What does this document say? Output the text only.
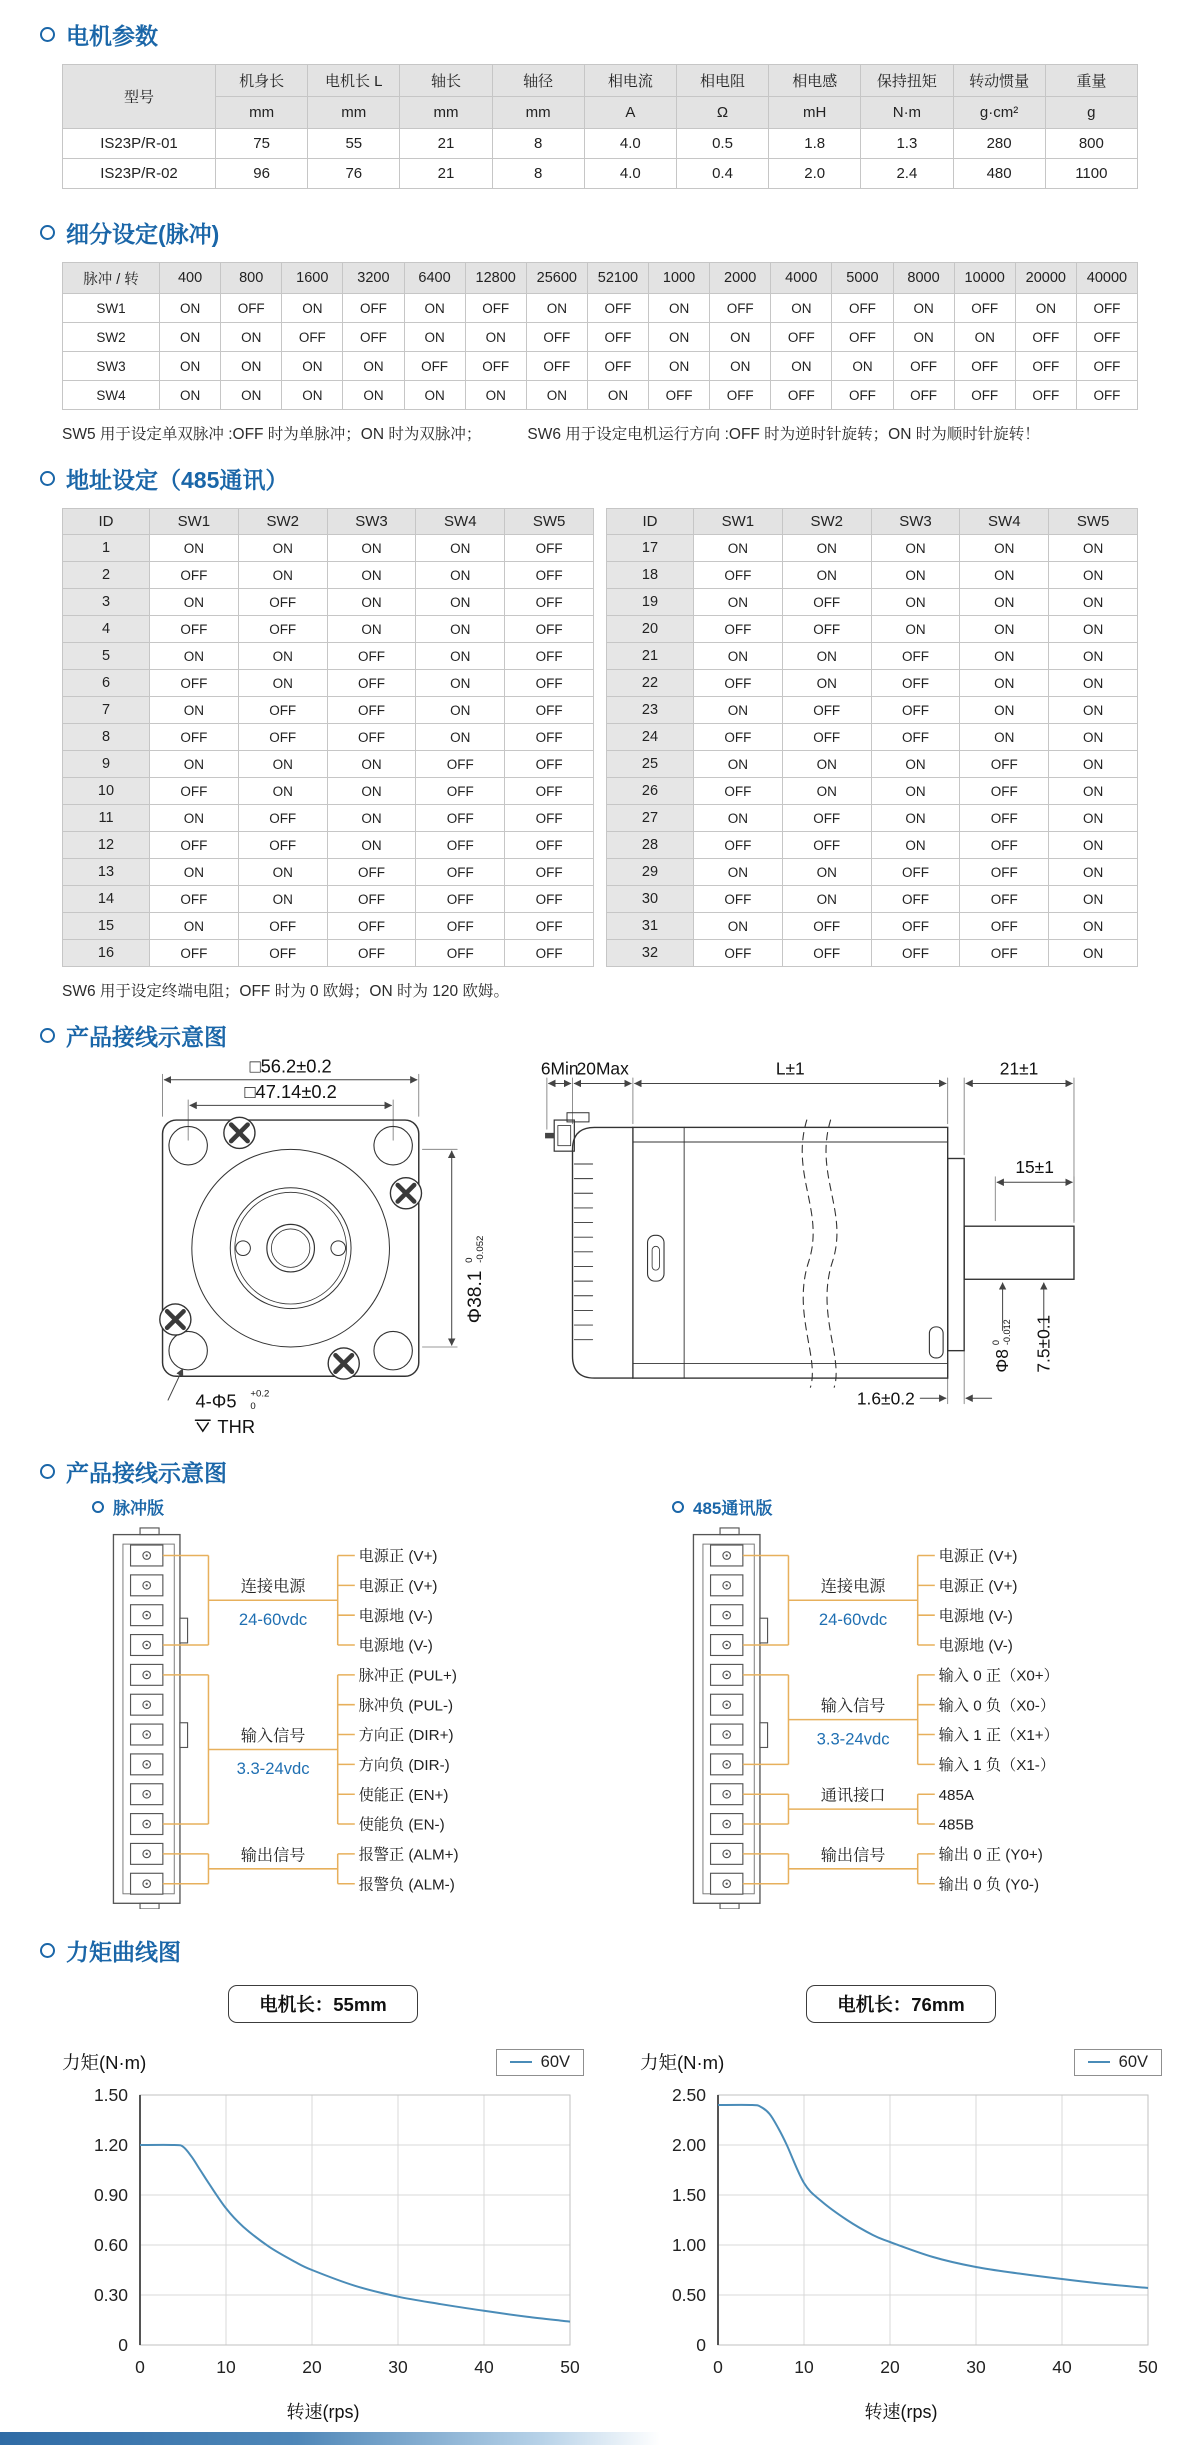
电机参数
型号	机身长	电机长 L	轴长	轴径	相电流	相电阻	相电感	保持扭矩	转动惯量	重量
	mm	mm	mm	mm	A	Ω	mH	N·m	g·cm²	g
IS23P/R-01	75	55	21	8	4.0	0.5	1.8	1.3	280	800
IS23P/R-02	96	76	21	8	4.0	0.4	2.0	2.4	480	1100
细分设定(脉冲)
脉冲 / 转	400	800	1600	3200	6400	12800	25600	52100	1000	2000	4000	5000	8000	10000	20000	40000
SW1	ON	OFF	ON	OFF	ON	OFF	ON	OFF	ON	OFF	ON	OFF	ON	OFF	ON	OFF
SW2	ON	ON	OFF	OFF	ON	ON	OFF	OFF	ON	ON	OFF	OFF	ON	ON	OFF	OFF
SW3	ON	ON	ON	ON	OFF	OFF	OFF	OFF	ON	ON	ON	ON	OFF	OFF	OFF	OFF
SW4	ON	ON	ON	ON	ON	ON	ON	ON	OFF	OFF	OFF	OFF	OFF	OFF	OFF	OFF
SW5 用于设定单双脉冲 :OFF 时为单脉冲；ON 时为双脉冲；	SW6 用于设定电机运行方向 :OFF 时为逆时针旋转；ON 时为顺时针旋转！
地址设定（485通讯）
ID	SW1	SW2	SW3	SW4	SW5
1	ON	ON	ON	ON	OFF
2	OFF	ON	ON	ON	OFF
3	ON	OFF	ON	ON	OFF
4	OFF	OFF	ON	ON	OFF
5	ON	ON	OFF	ON	OFF
6	OFF	ON	OFF	ON	OFF
7	ON	OFF	OFF	ON	OFF
8	OFF	OFF	OFF	ON	OFF
9	ON	ON	ON	OFF	OFF
10	OFF	ON	ON	OFF	OFF
11	ON	OFF	ON	OFF	OFF
12	OFF	OFF	ON	OFF	OFF
13	ON	ON	OFF	OFF	OFF
14	OFF	ON	OFF	OFF	OFF
15	ON	OFF	OFF	OFF	OFF
16	OFF	OFF	OFF	OFF	OFF
ID	SW1	SW2	SW3	SW4	SW5
17	ON	ON	ON	ON	ON
18	OFF	ON	ON	ON	ON
19	ON	OFF	ON	ON	ON
20	OFF	OFF	ON	ON	ON
21	ON	ON	OFF	ON	ON
22	OFF	ON	OFF	ON	ON
23	ON	OFF	OFF	ON	ON
24	OFF	OFF	OFF	ON	ON
25	ON	ON	ON	OFF	ON
26	OFF	ON	ON	OFF	ON
27	ON	OFF	ON	OFF	ON
28	OFF	OFF	ON	OFF	ON
29	ON	ON	OFF	OFF	ON
30	OFF	ON	OFF	OFF	ON
31	ON	OFF	OFF	OFF	ON
32	OFF	OFF	OFF	OFF	ON
SW6 用于设定终端电阻；OFF 时为 0 欧姆；ON 时为 120 欧姆。
产品接线示意图
□56.2±0.2
□47.14±0.2
Φ38.1
0 -0.052
4-Φ5 +0.2
0
THR
6Min
20Max	L±1	21±1
15±1
1.6±0.2
Φ8
0 -0.012 7.5±0.1
产品接线示意图
脉冲版
连接电源
24-60vdc
电源正 (V+)
电源正 (V+)
电源地 (V-)
电源地 (V-)
输入信号
3.3-24vdc
脉冲正 (PUL+)
脉冲负 (PUL-)
方向正 (DIR+)
方向负 (DIR-)
使能正 (EN+)
使能负 (EN-)
输出信号	报警正 (ALM+)
报警负 (ALM-)
485通讯版
连接电源
24-60vdc
电源正 (V+)
电源正 (V+)
电源地 (V-)
电源地 (V-)
输入信号
3.3-24vdc
输入 0 正（X0+）
输入 0 负（X0-）
输入 1 正（X1+）
输入 1 负（X1-）
通讯接口	485A
485B
输出信号	输出 0 正 (Y0+)
输出 0 负 (Y0-)
力矩曲线图
电机长：55mm
力矩(N·m)	60V
0
0.30
0.60
0.90
1.20
1.50
0	10	20	30	40	50
转速(rps)
电机长：76mm
力矩(N·m)	60V
0
0.50
1.00
1.50
2.00
2.50
0	10	20	30	40	50
转速(rps)
